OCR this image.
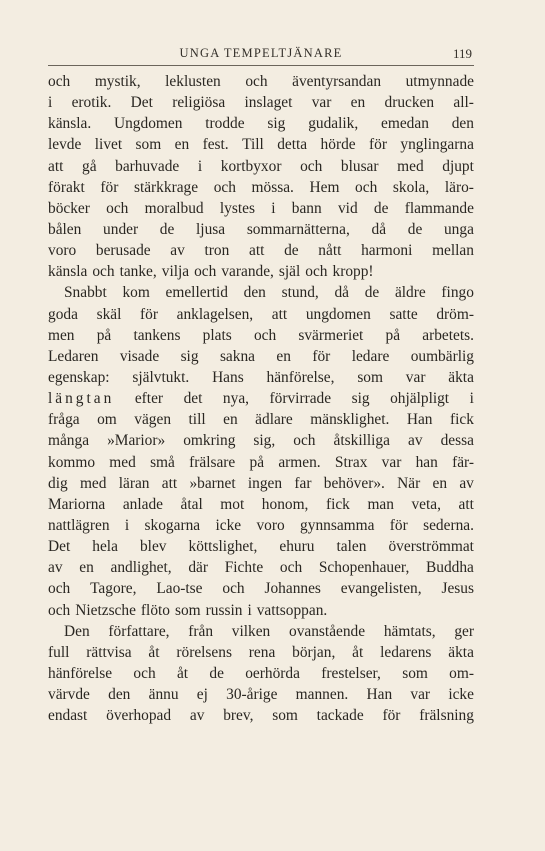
UNGA TEMPELTJÄNARE	119
och mystik, leklusten och äventyrsandan utmynnade
i erotik. Det religiösa inslaget var en drucken all-
känsla. Ungdomen trodde sig gudalik, emedan den
levde livet som en fest. Till detta hörde för ynglingarna
att gå barhuvade i kortbyxor och blusar med djupt
förakt för stärkkrage och mössa. Hem och skola, läro-
böcker och moralbud lystes i bann vid de flammande
bålen under de ljusa sommarnätterna, då de unga
voro berusade av tron att de nått harmoni mellan
känsla och tanke, vilja och varande, själ och kropp!
Snabbt kom emellertid den stund, då de äldre fingo
goda skäl för anklagelsen, att ungdomen satte dröm-
men på tankens plats och svärmeriet på arbetets.
Ledaren visade sig sakna en för ledare oumbärlig
egenskap: självtukt. Hans hänförelse, som var äkta
längtan efter det nya, förvirrade sig ohjälpligt i
fråga om vägen till en ädlare mänsklighet. Han fick
många »Marior» omkring sig, och åtskilliga av dessa
kommo med små frälsare på armen. Strax var han fär-
dig med läran att »barnet ingen far behöver». När en av
Mariorna anlade åtal mot honom, fick man veta, att
nattlägren i skogarna icke voro gynnsamma för sederna.
Det hela blev köttslighet, ehuru talen överströmmat
av en andlighet, där Fichte och Schopenhauer, Buddha
och Tagore, Lao-tse och Johannes evangelisten, Jesus
och Nietzsche flöto som russin i vattsoppan.
Den författare, från vilken ovanstående hämtats, ger
full rättvisa åt rörelsens rena början, åt ledarens äkta
hänförelse och åt de oerhörda frestelser, som om-
värvde den ännu ej 30-årige mannen. Han var icke
endast överhopad av brev, som tackade för frälsning
